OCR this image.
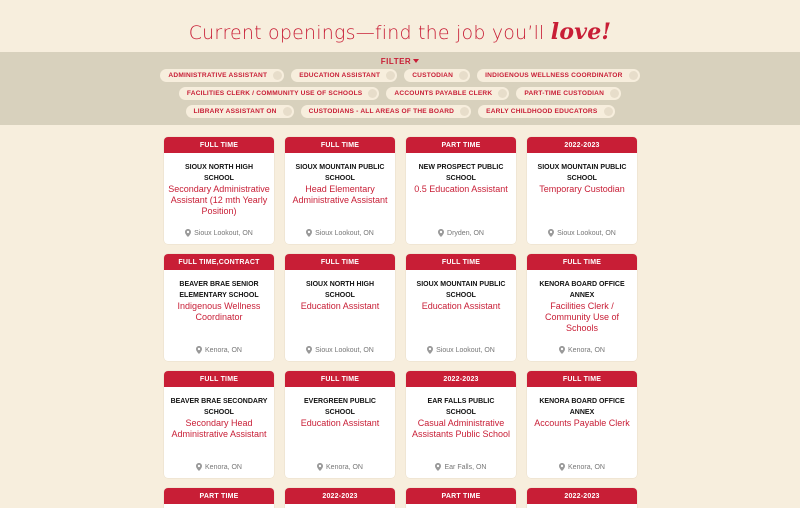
Current openings—find the job you’ll love!
FILTER
ADMINISTRATIVE ASSISTANT	EDUCATION ASSISTANT	CUSTODIAN	INDIGENOUS WELLNESS COORDINATOR
FACILITIES CLERK / COMMUNITY USE OF SCHOOLS	ACCOUNTS PAYABLE CLERK	PART-TIME CUSTODIAN
LIBRARY ASSISTANT ON	CUSTODIANS - ALL AREAS OF THE BOARD	EARLY CHILDHOOD EDUCATORS
FULL TIME
SIOUX NORTH HIGH SCHOOL
Secondary Administrative Assistant (12 mth Yearly Position)
Sioux Lookout, ON
FULL TIME
SIOUX MOUNTAIN PUBLIC SCHOOL
Head Elementary Administrative Assistant
Sioux Lookout, ON
PART TIME
NEW PROSPECT PUBLIC SCHOOL
0.5 Education Assistant
Dryden, ON
2022-2023
SIOUX MOUNTAIN PUBLIC SCHOOL
Temporary Custodian
Sioux Lookout, ON
FULL TIME,CONTRACT
BEAVER BRAE SENIOR ELEMENTARY SCHOOL
Indigenous Wellness Coordinator
Kenora, ON
FULL TIME
SIOUX NORTH HIGH SCHOOL
Education Assistant
Sioux Lookout, ON
FULL TIME
SIOUX MOUNTAIN PUBLIC SCHOOL
Education Assistant
Sioux Lookout, ON
FULL TIME
KENORA BOARD OFFICE ANNEX
Facilities Clerk / Community Use of Schools
Kenora, ON
FULL TIME
BEAVER BRAE SECONDARY SCHOOL
Secondary Head Administrative Assistant
Kenora, ON
FULL TIME
EVERGREEN PUBLIC SCHOOL
Education Assistant
Kenora, ON
2022-2023
EAR FALLS PUBLIC SCHOOL
Casual Administrative Assistants Public School
Ear Falls, ON
FULL TIME
KENORA BOARD OFFICE ANNEX
Accounts Payable Clerk
Kenora, ON
PART TIME	2022-2023	PART TIME	2022-2023
